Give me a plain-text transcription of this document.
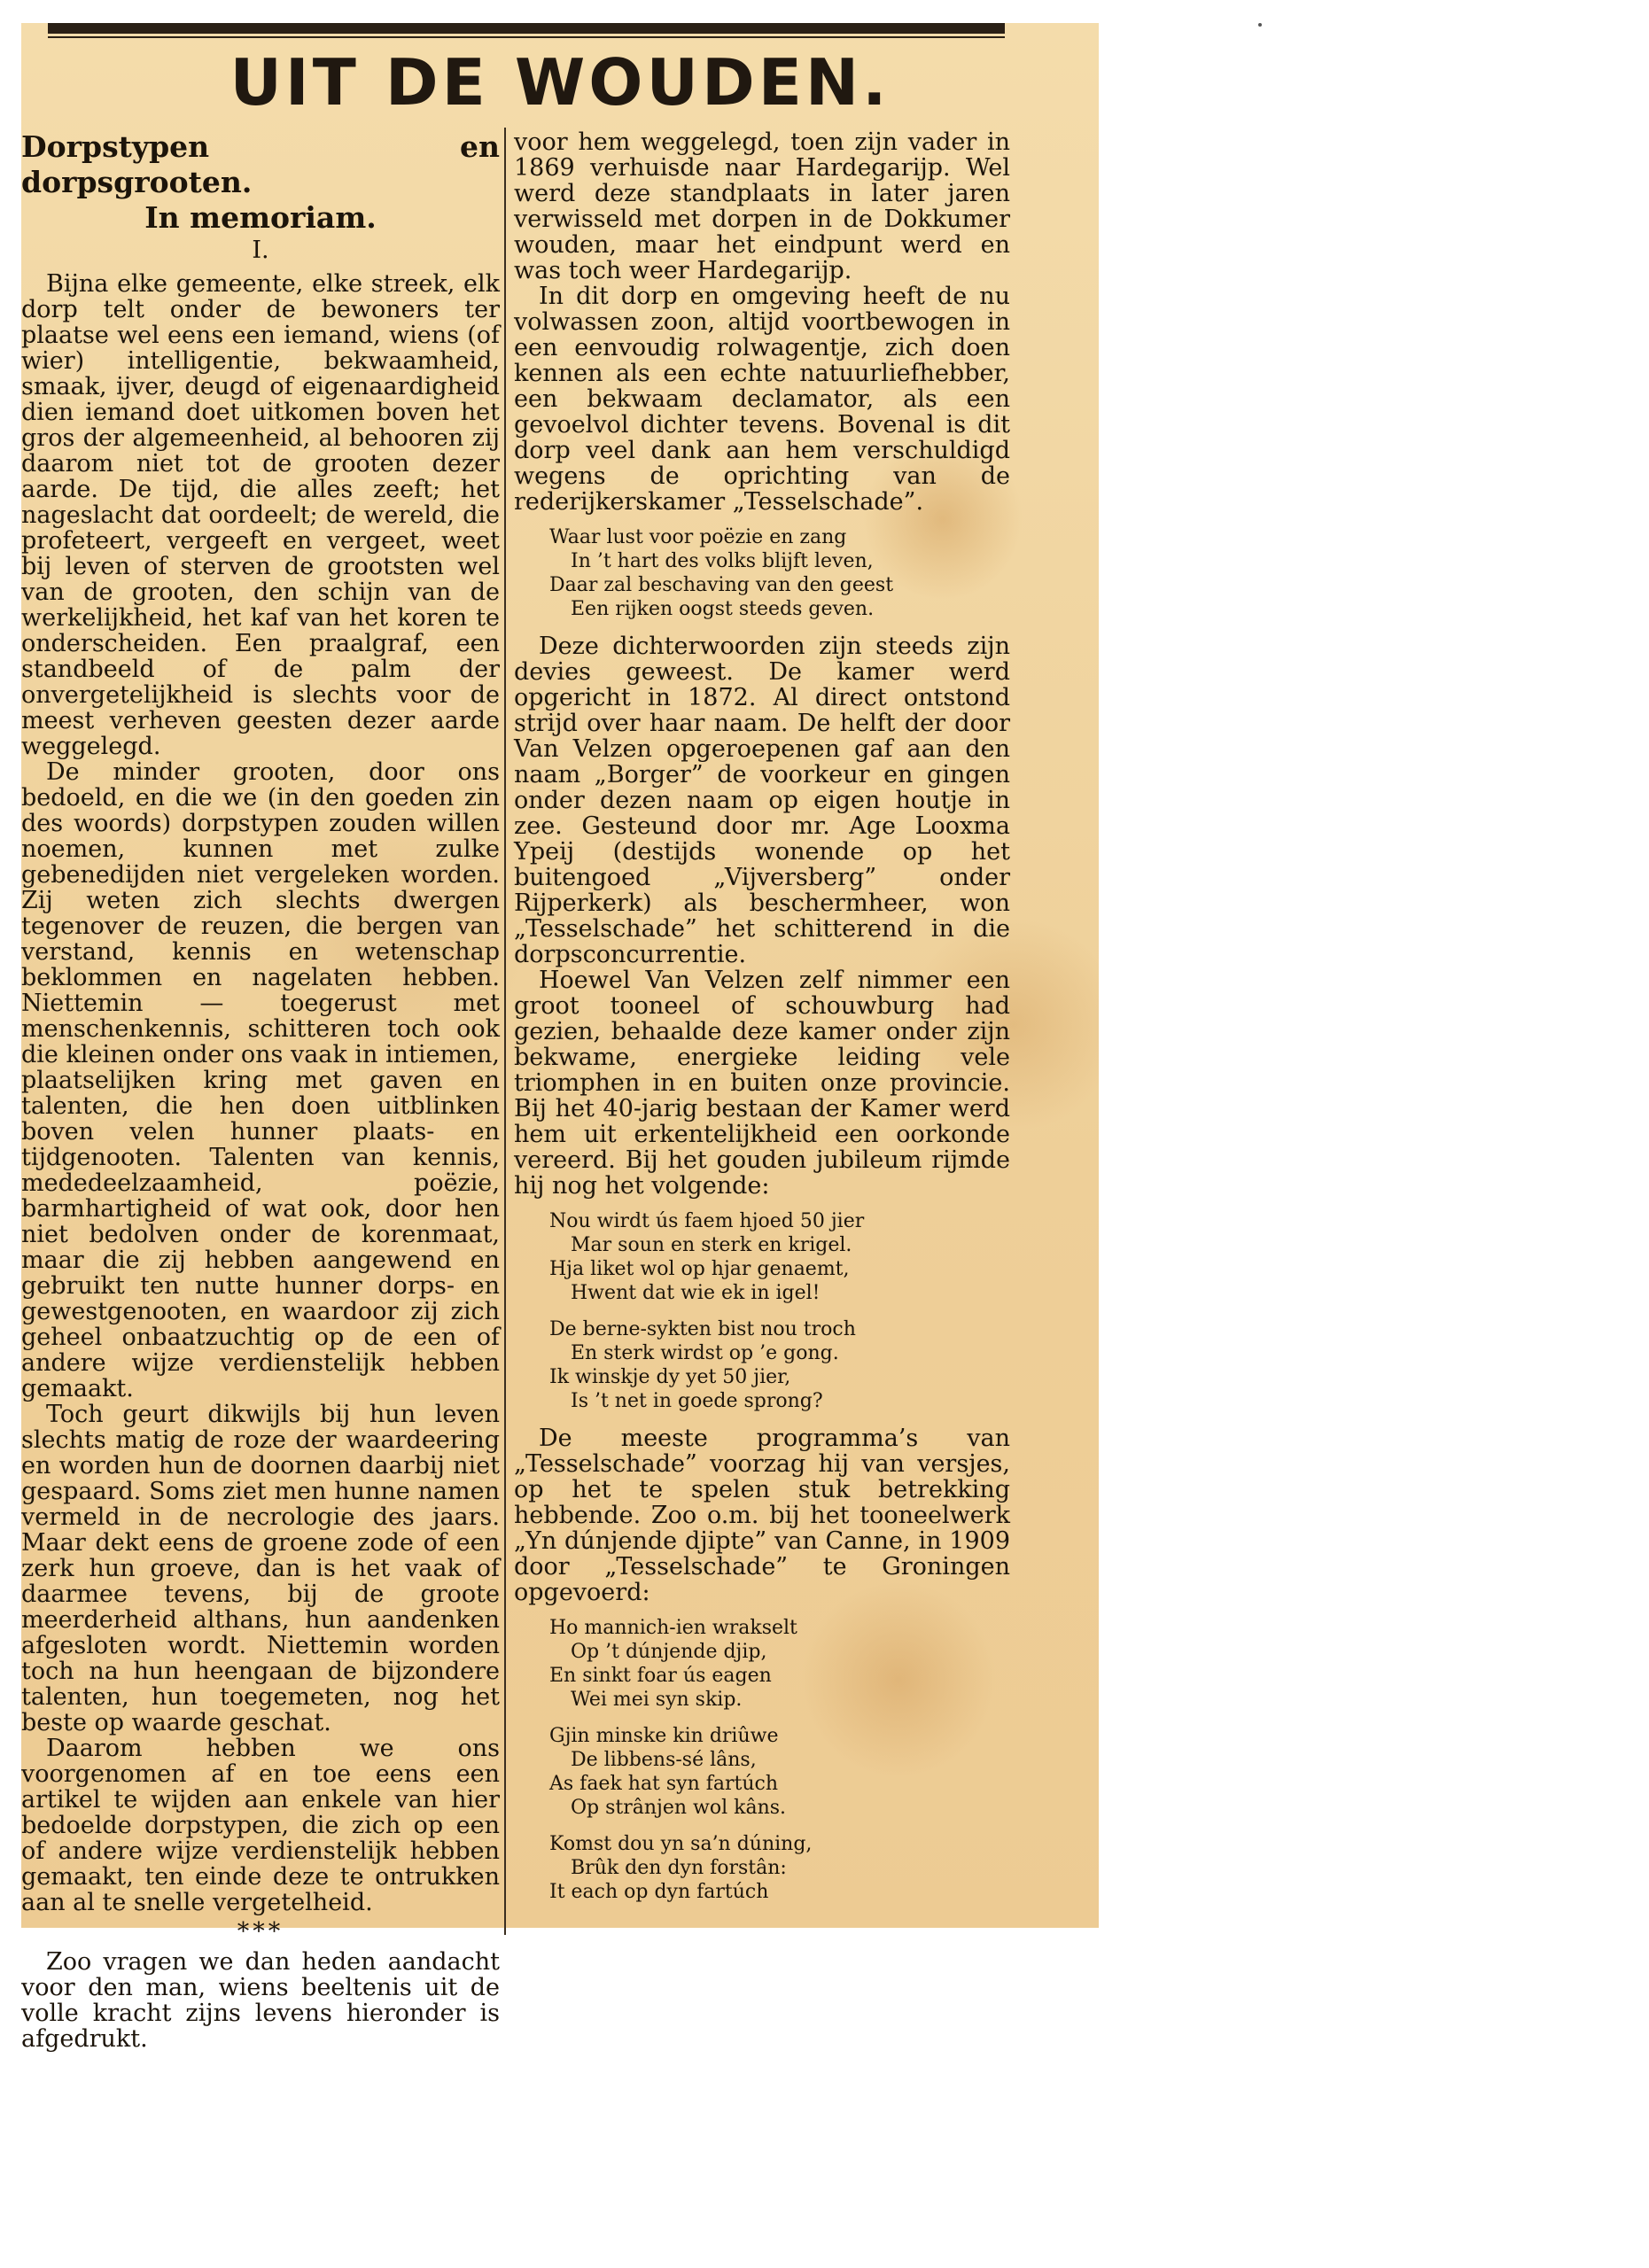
UIT DE WOUDEN.
Dorpstypen en dorpsgrooten.
In memoriam.
I.

Bijna elke gemeente, elke streek, elk dorp telt onder de bewoners ter plaatse wel eens een iemand, wiens (of wier) intelligentie, bekwaamheid, smaak, ijver, deugd of eigenaardigheid dien iemand doet uitkomen boven het gros der algemeenheid, al behooren zij daarom niet tot de grooten dezer aarde. De tijd, die alles zeeft; het nageslacht dat oordeelt; de wereld, die profeteert, vergeeft en vergeet, weet bij leven of sterven de grootsten wel van de grooten, den schijn van de werkelijkheid, het kaf van het koren te onderscheiden. Een praalgraf, een standbeeld of de palm der onvergetelijkheid is slechts voor de meest verheven geesten dezer aarde weggelegd.

De minder grooten, door ons bedoeld, en die we (in den goeden zin des woords) dorpstypen zouden willen noemen, kunnen met zulke gebenedijden niet vergeleken worden. Zij weten zich slechts dwergen tegenover de reuzen, die bergen van verstand, kennis en wetenschap beklommen en nagelaten hebben. Niettemin — toegerust met menschenkennis, schitteren toch ook die kleinen onder ons vaak in intiemen, plaatselijken kring met gaven en talenten, die hen doen uitblinken boven velen hunner plaats- en tijdgenooten. Talenten van kennis, mededeelzaamheid, poëzie, barmhartigheid of wat ook, door hen niet bedolven onder de korenmaat, maar die zij hebben aangewend en gebruikt ten nutte hunner dorps- en gewestgenooten, en waardoor zij zich geheel onbaatzuchtig op de een of andere wijze verdienstelijk hebben gemaakt.

Toch geurt dikwijls bij hun leven slechts matig de roze der waardeering en worden hun de doornen daarbij niet gespaard. Soms ziet men hunne namen vermeld in de necrologie des jaars. Maar dekt eens de groene zode of een zerk hun groeve, dan is het vaak of daarmee tevens, bij de groote meerderheid althans, hun aandenken afgesloten wordt. Niettemin worden toch na hun heengaan de bijzondere talenten, hun toegemeten, nog het beste op waarde geschat.

Daarom hebben we ons voorgenomen af en toe eens een artikel te wijden aan enkele van hier bedoelde dorpstypen, die zich op een of andere wijze verdienstelijk hebben gemaakt, ten einde deze te ontrukken aan al te snelle vergetelheid.

***

Zoo vragen we dan heden aandacht voor den man, wiens beeltenis uit de volle kracht zijns levens hieronder is afgedrukt.

voor hem weggelegd, toen zijn vader in 1869 verhuisde naar Hardegarijp. Wel werd deze standplaats in later jaren verwisseld met dorpen in de Dokkumer wouden, maar het eindpunt werd en was toch weer Hardegarijp.

In dit dorp en omgeving heeft de nu volwassen zoon, altijd voortbewogen in een eenvoudig rolwagentje, zich doen kennen als een echte natuurliefhebber, een bekwaam declamator, als een gevoelvol dichter tevens. Bovenal is dit dorp veel dank aan hem verschuldigd wegens de oprichting van de rederijkerskamer „Tesselschade”.

Waar lust voor poëzie en zang
In ’t hart des volks blijft leven,
Daar zal beschaving van den geest
Een rijken oogst steeds geven.

Deze dichterwoorden zijn steeds zijn devies geweest. De kamer werd opgericht in 1872. Al direct ontstond strijd over haar naam. De helft der door Van Velzen opgeroepenen gaf aan den naam „Borger” de voorkeur en gingen onder dezen naam op eigen houtje in zee. Gesteund door mr. Age Looxma Ypeij (destijds wonende op het buitengoed „Vijversberg” onder Rijperkerk) als beschermheer, won „Tesselschade” het schitterend in die dorpsconcurrentie.

Hoewel Van Velzen zelf nimmer een groot tooneel of schouwburg had gezien, behaalde deze kamer onder zijn bekwame, energieke leiding vele triomphen in en buiten onze provincie. Bij het 40-jarig bestaan der Kamer werd hem uit erkentelijkheid een oorkonde vereerd. Bij het gouden jubileum rijmde hij nog het volgende:

Nou wirdt ús faem hjoed 50 jier
Mar soun en sterk en krigel.
Hja liket wol op hjar genaemt,
Hwent dat wie ek in igel!
De berne-sykten bist nou troch
En sterk wirdst op ’e gong.
Ik winskje dy yet 50 jier,
Is ’t net in goede sprong?

De meeste programma’s van „Tesselschade” voorzag hij van versjes, op het te spelen stuk betrekking hebbende. Zoo o.m. bij het tooneelwerk „Yn dúnjende djipte” van Canne, in 1909 door „Tesselschade” te Groningen opgevoerd:

Ho mannich-ien wrakselt
Op ’t dúnjende djip,
En sinkt foar ús eagen
Wei mei syn skip.
Gjin minske kin driûwe
De libbens-sé lâns,
As faek hat syn fartúch
Op strânjen wol kâns.
Komst dou yn sa’n dúning,
Brûk den dyn forstân:
It each op dyn fartúch
